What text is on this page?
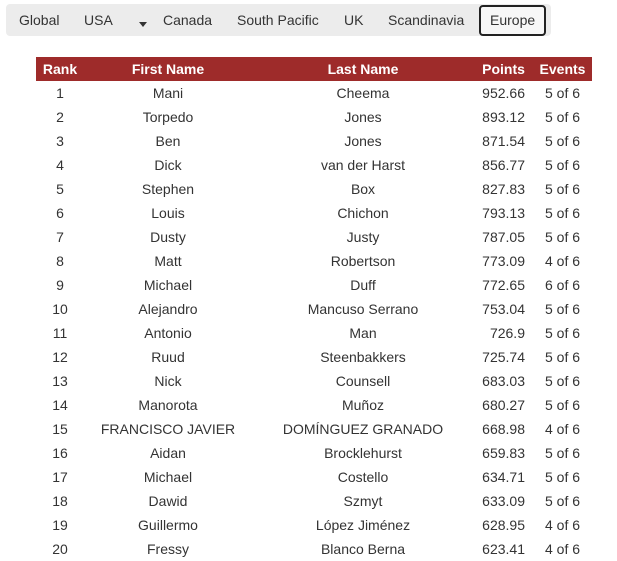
Global USA	Canada South Pacific UK Scandinavia	Europe
Rank	First Name	Last Name	Points	Events
1	Mani	Cheema	952.66	5 of 6
2	Torpedo	Jones	893.12	5 of 6
3	Ben	Jones	871.54	5 of 6
4	Dick	van der Harst	856.77	5 of 6
5	Stephen	Box	827.83	5 of 6
6	Louis	Chichon	793.13	5 of 6
7	Dusty	Justy	787.05	5 of 6
8	Matt	Robertson	773.09	4 of 6
9	Michael	Duff	772.65	6 of 6
10	Alejandro	Mancuso Serrano	753.04	5 of 6
11	Antonio	Man	726.9	5 of 6
12	Ruud	Steenbakkers	725.74	5 of 6
13	Nick	Counsell	683.03	5 of 6
14	Manorota	Muñoz	680.27	5 of 6
15	FRANCISCO JAVIER	DOMÍNGUEZ GRANADO	668.98	4 of 6
16	Aidan	Brocklehurst	659.83	5 of 6
17	Michael	Costello	634.71	5 of 6
18	Dawid	Szmyt	633.09	5 of 6
19	Guillermo	López Jiménez	628.95	4 of 6
20	Fressy	Blanco Berna	623.41	4 of 6
